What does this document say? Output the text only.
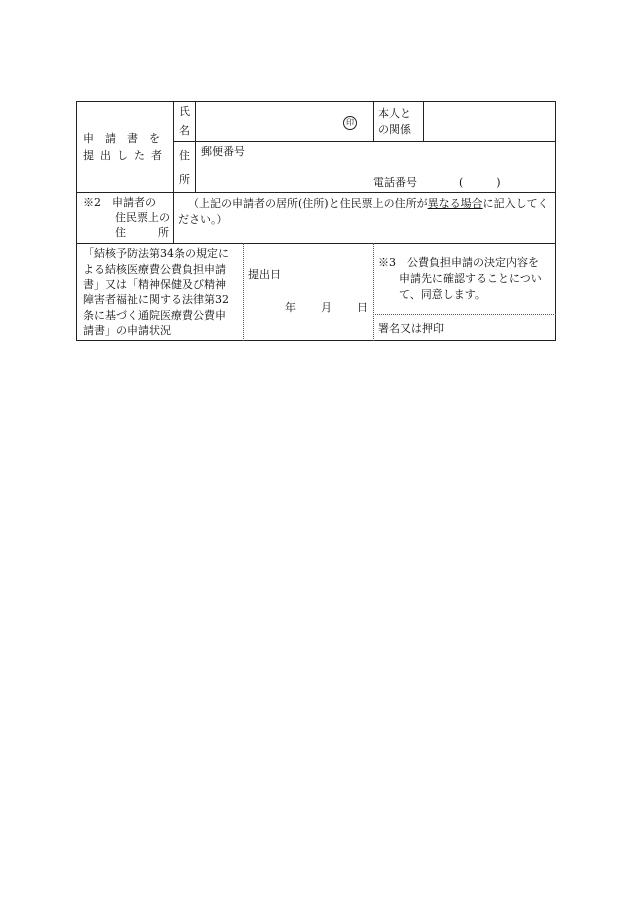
申請書を
提出した者
氏
名
印
本人と
の関係
住
所
郵便番号
電話番号	(　　　)
※2　申請者の
住民票上の
住	所
（上記の申請者の居所(住所)と住民票上の住所が異なる場合に記入してください。）
「結核予防法第34条の規定に
よる結核医療費公費負担申請
書」又は「精神保健及び精神
障害者福祉に関する法律第32
条に基づく通院医療費公費申
請書」の申請状況
提出日
年 月 日
※3　公費負担申請の決定内容を
申請先に確認することについ
て、同意します。
署名又は押印
